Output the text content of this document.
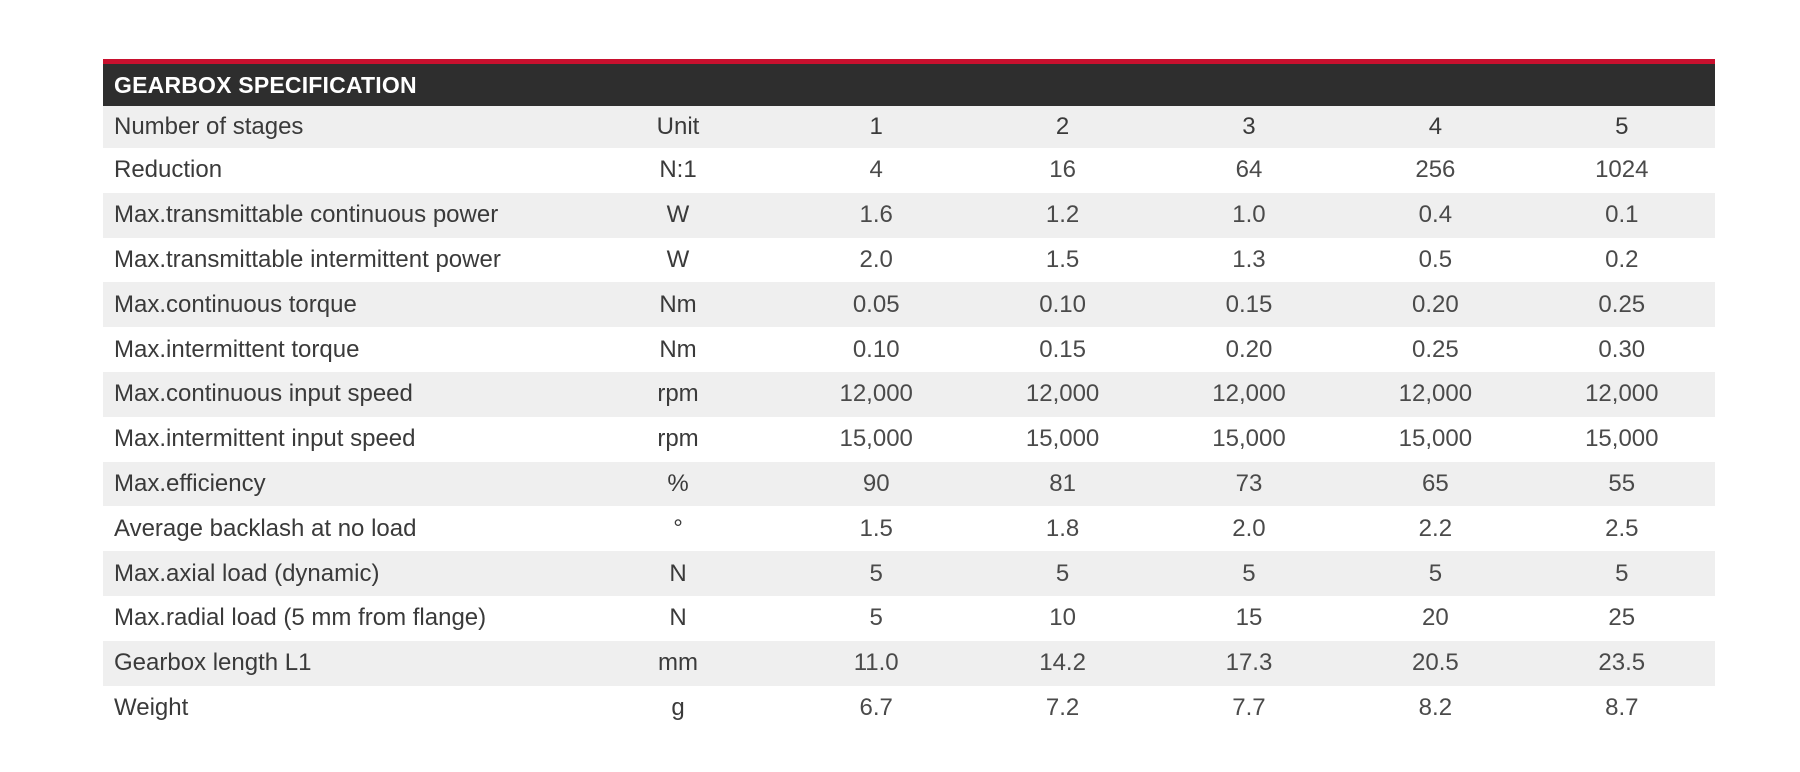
GEARBOX SPECIFICATION
Number of stages	Unit	1	2	3	4	5
Reduction	N:1	4	16	64	256	1024
Max.transmittable continuous power	W	1.6	1.2	1.0	0.4	0.1
Max.transmittable intermittent power	W	2.0	1.5	1.3	0.5	0.2
Max.continuous torque	Nm	0.05	0.10	0.15	0.20	0.25
Max.intermittent torque	Nm	0.10	0.15	0.20	0.25	0.30
Max.continuous input speed	rpm	12,000	12,000	12,000	12,000	12,000
Max.intermittent input speed	rpm	15,000	15,000	15,000	15,000	15,000
Max.efficiency	%	90	81	73	65	55
Average backlash at no load	°	1.5	1.8	2.0	2.2	2.5
Max.axial load (dynamic)	N	5	5	5	5	5
Max.radial load (5 mm from flange)	N	5	10	15	20	25
Gearbox length L1	mm	11.0	14.2	17.3	20.5	23.5
Weight	g	6.7	7.2	7.7	8.2	8.7
